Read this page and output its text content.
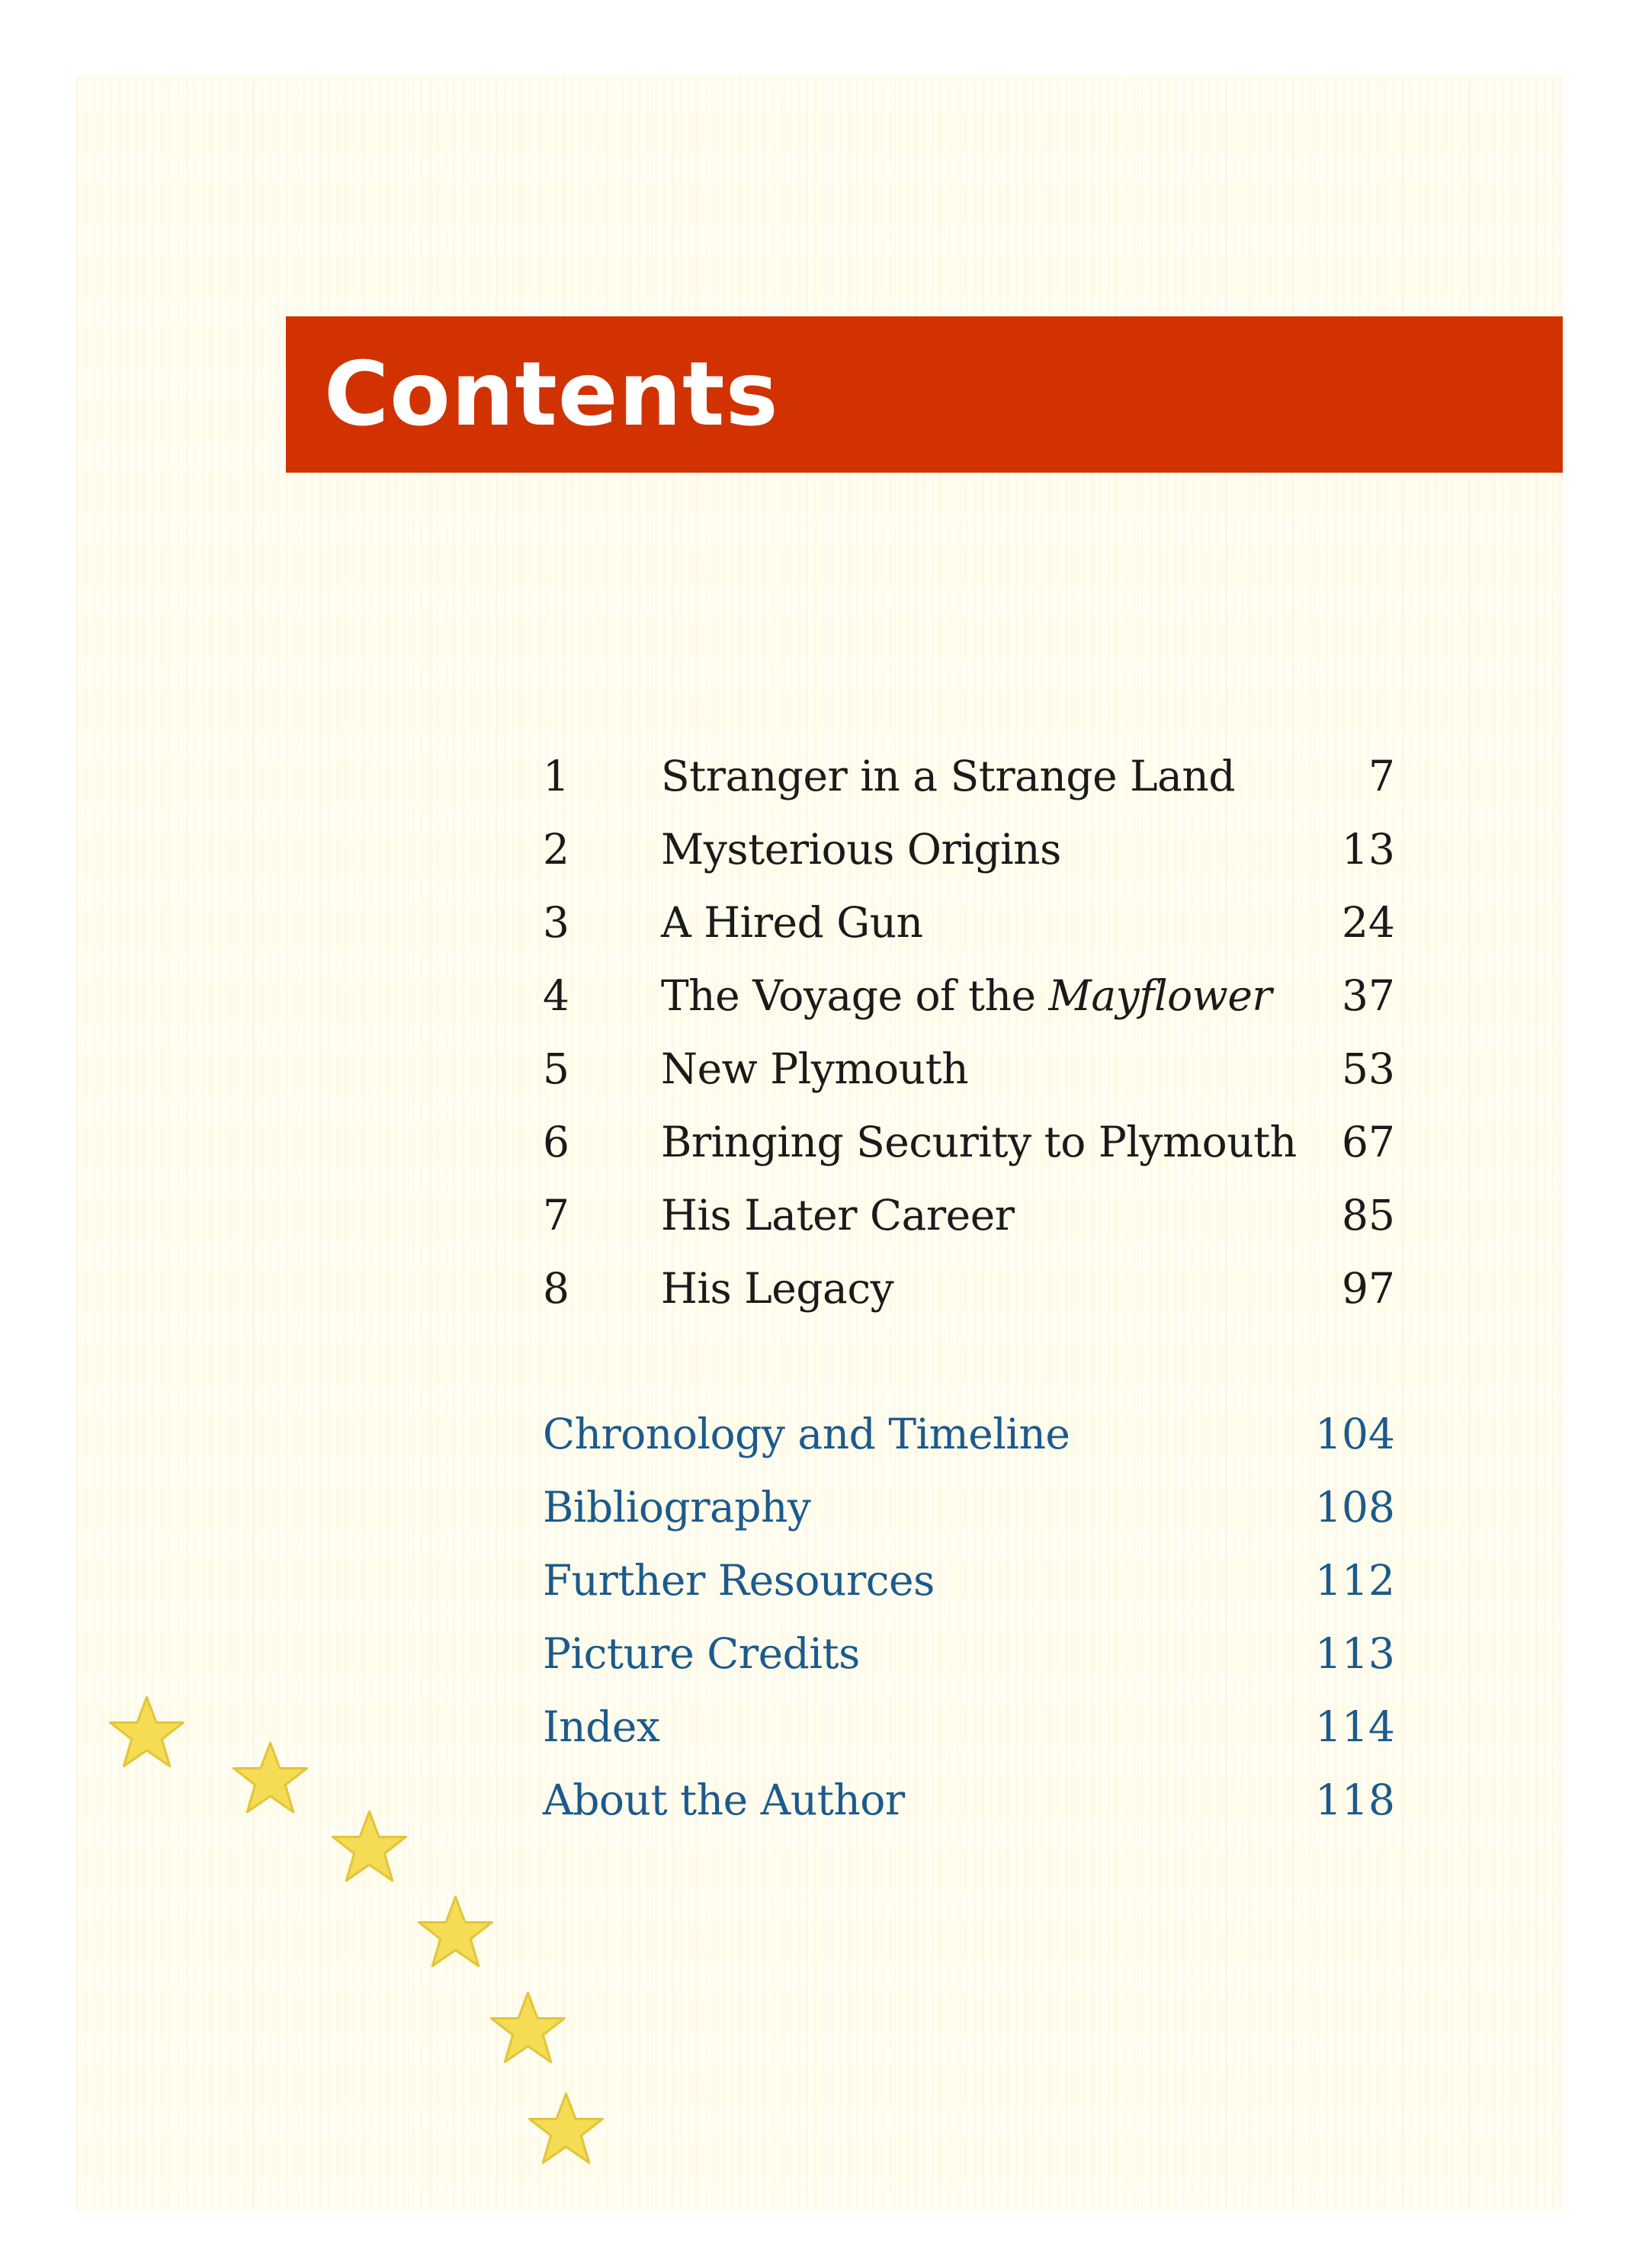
Contents
1 Stranger in a Strange Land	7
2 Mysterious Origins	13
3 A Hired Gun	24
4 The Voyage of the Mayflower 37
5 New Plymouth	53
6 Bringing Security to Plymouth 67
7 His Later Career	85
8 His Legacy	97
Chronology and Timeline	104
Bibliography	108
Further Resources	112
Picture Credits	113
Index	114
About the Author	118
